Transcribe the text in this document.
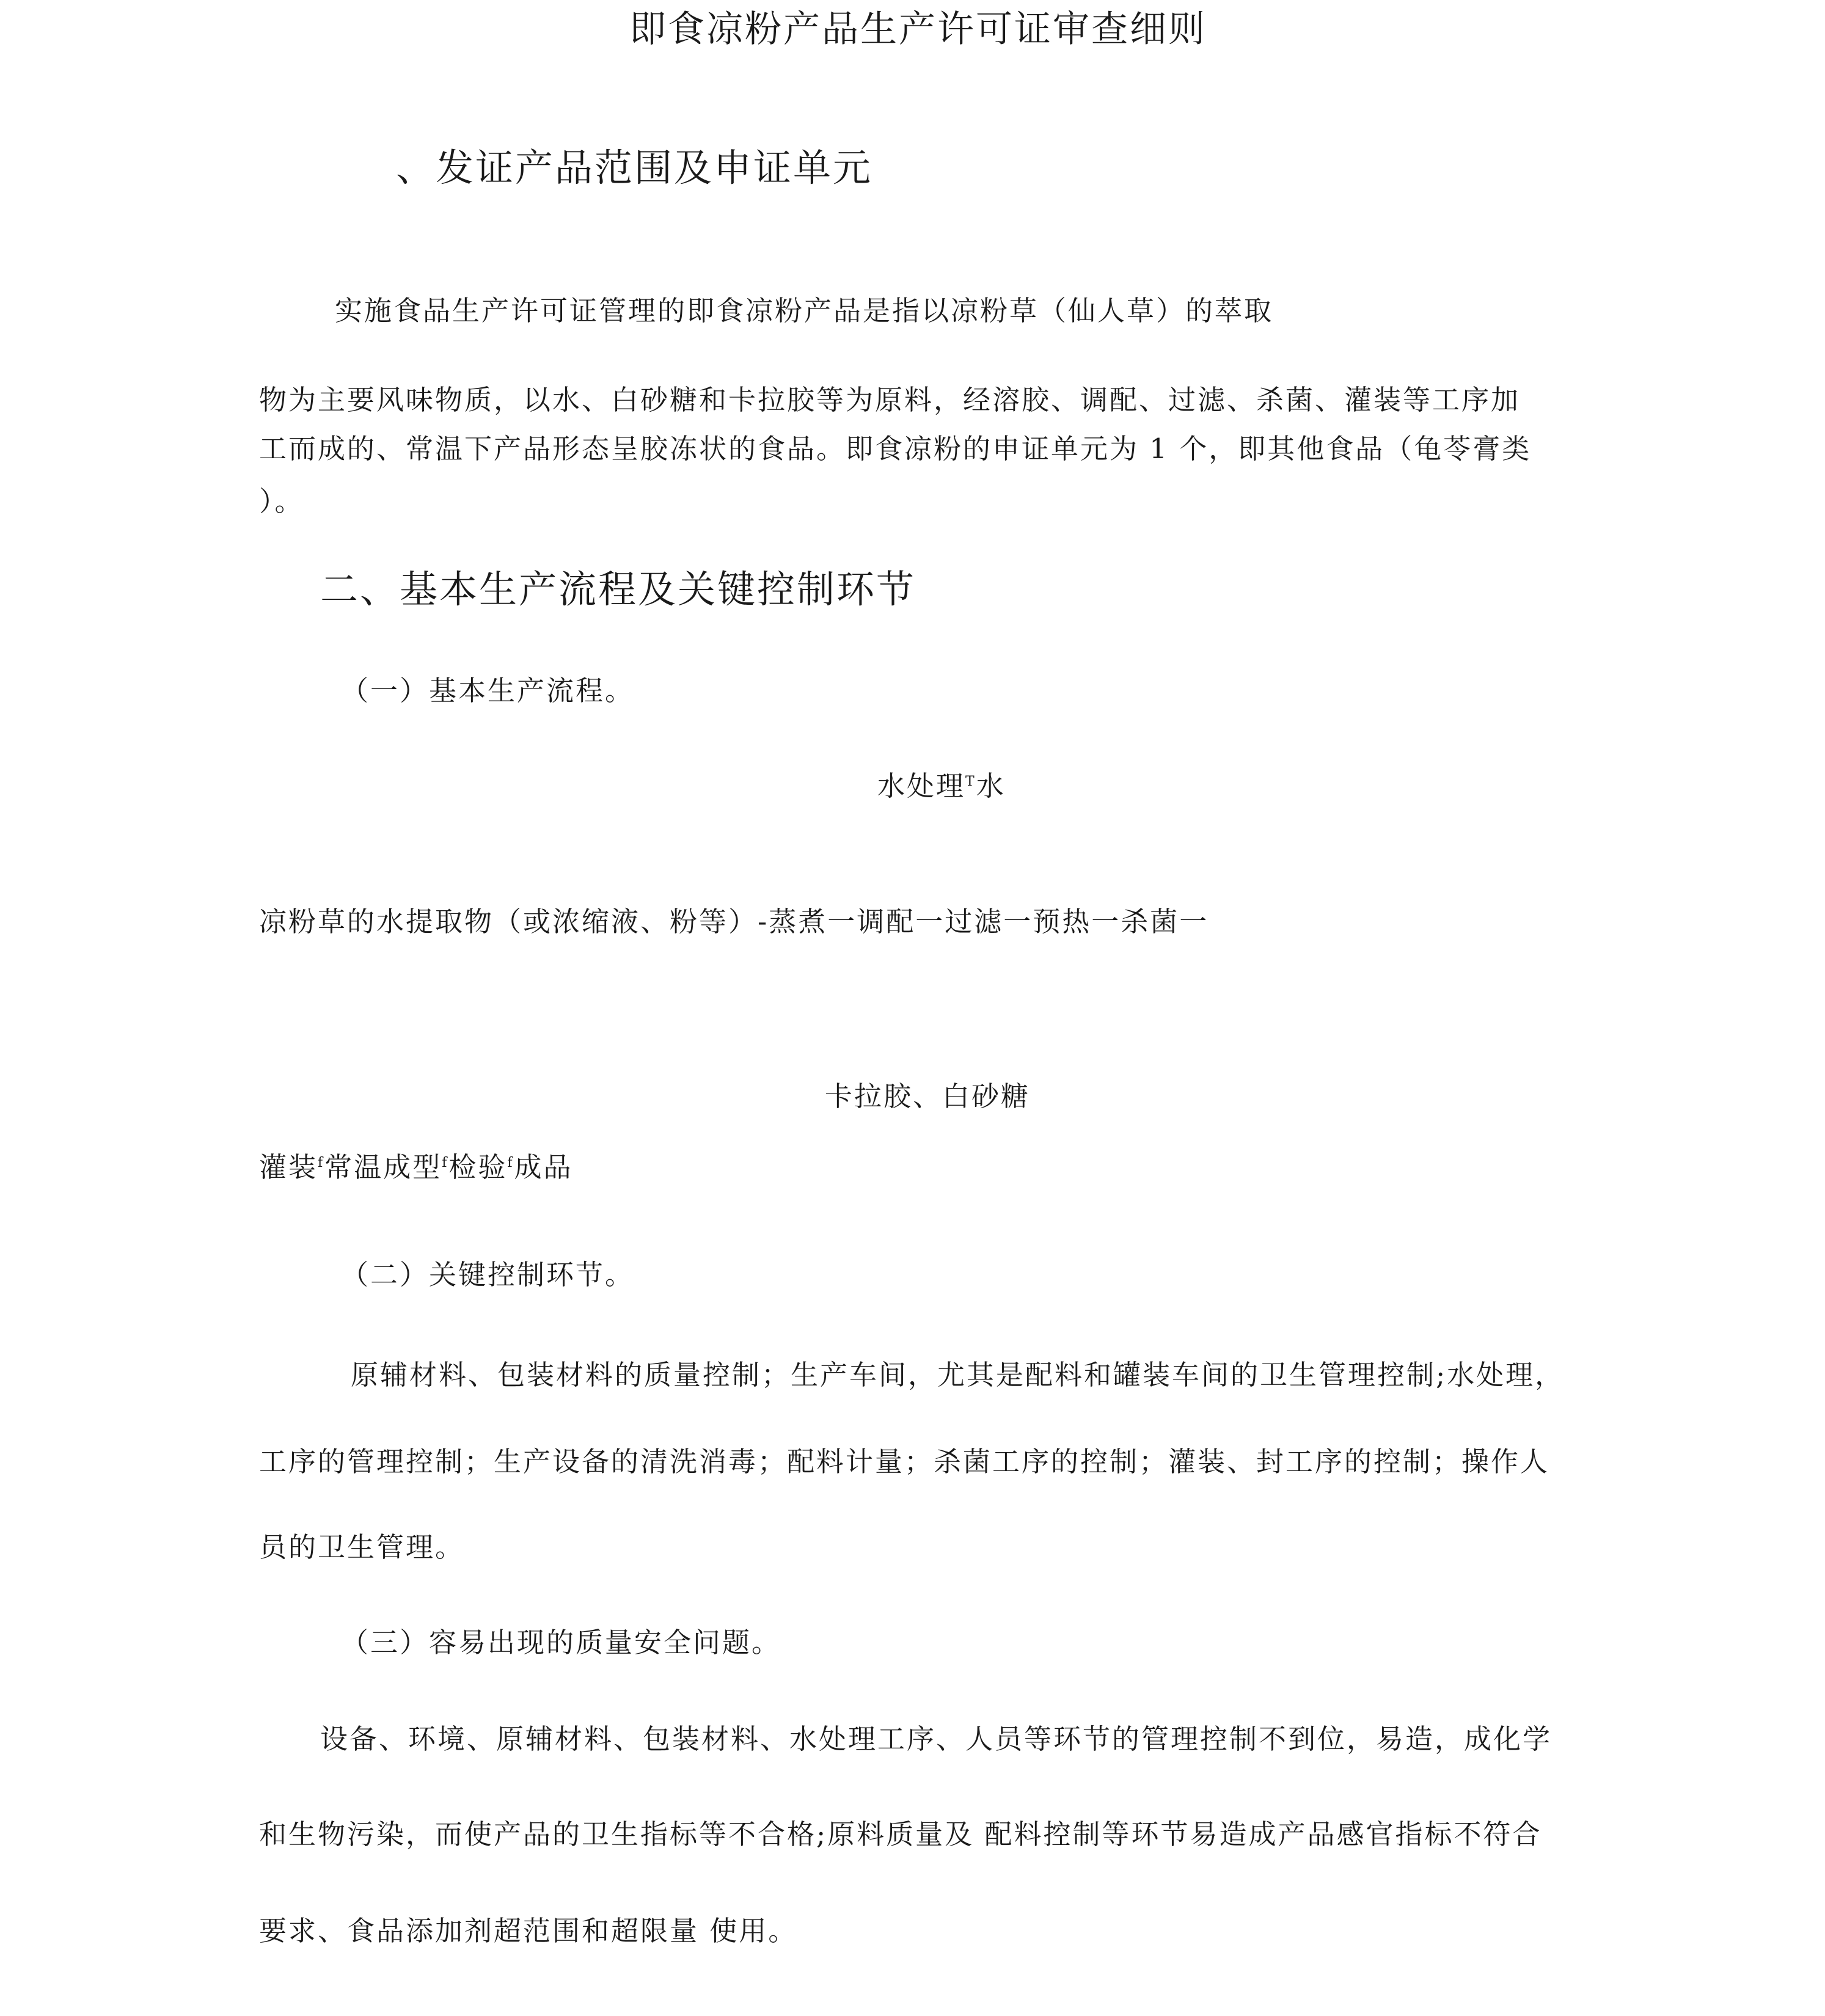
即食凉粉产品生产许可证审查细则
、发证产品范围及申证单元
实施食品生产许可证管理的即食凉粉产品是指以凉粉草（仙人草）的萃取
物为主要风味物质，以水、白砂糖和卡拉胶等为原料，经溶胶、调配、过滤、杀菌、灌装等工序加
工而成的、常温下产品形态呈胶冻状的食品。即食凉粉的申证单元为 1 个，即其他食品（龟苓膏类
）。
二、基本生产流程及关键控制环节
（一）基本生产流程。
水处理$^T$水
凉粉草的水提取物（或浓缩液、粉等）-蒸煮一调配一过滤一预热一杀菌一
卡拉胶、白砂糖
灌装$^f$常温成型$^f$检验$^f$成品
（二）关键控制环节。
原辅材料、包装材料的质量控制；生产车间，尤其是配料和罐装车间的卫生管理控制;水处理，
工序的管理控制；生产设备的清洗消毒；配料计量；杀菌工序的控制；灌装、封工序的控制；操作人
员的卫生管理。
（三）容易出现的质量安全问题。
设备、环境、原辅材料、包装材料、水处理工序、人员等环节的管理控制不到位，易造，成化学
和生物污染，而使产品的卫生指标等不合格;原料质量及 配料控制等环节易造成产品感官指标不符合
要求、食品添加剂超范围和超限量 使用。
